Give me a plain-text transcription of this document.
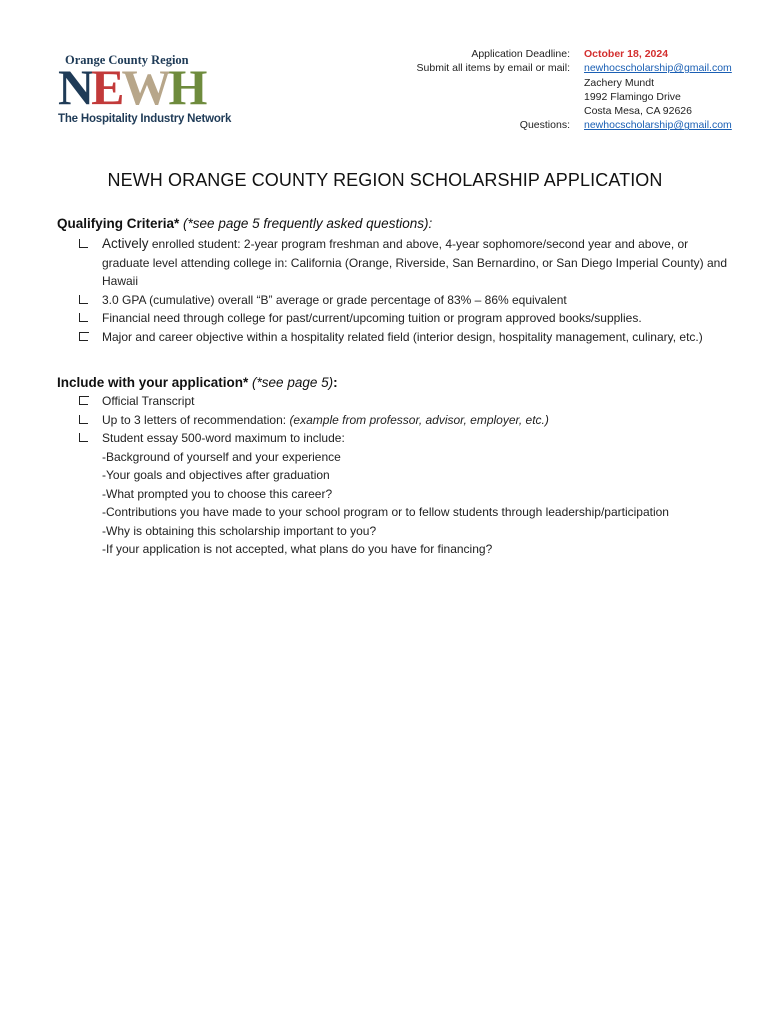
Orange County Region
N E W H
The Hospitality Industry Network
Application Deadline:
Submit all items by email or mail:

Questions:
October 18, 2024
newhocscholarship@gmail.com
Zachery Mundt
1992 Flamingo Drive
Costa Mesa, CA 92626
newhocscholarship@gmail.com
NEWH ORANGE COUNTY REGION SCHOLARSHIP APPLICATION
Qualifying Criteria* (*see page 5 frequently asked questions):
Actively enrolled student: 2-year program freshman and above, 4-year sophomore/second year and above, or graduate level attending college in: California (Orange, Riverside, San Bernardino, or San Diego Imperial County) and Hawaii
3.0 GPA (cumulative) overall “B” average or grade percentage of 83% – 86% equivalent
Financial need through college for past/current/upcoming tuition or program approved books/supplies.
Major and career objective within a hospitality related field (interior design, hospitality management, culinary, etc.)
Include with your application* (*see page 5):
Official Transcript
Up to 3 letters of recommendation: (example from professor, advisor, employer, etc.)
Student essay 500-word maximum to include:
-Background of yourself and your experience
-Your goals and objectives after graduation
-What prompted you to choose this career?
-Contributions you have made to your school program or to fellow students through leadership/participation
-Why is obtaining this scholarship important to you?
-If your application is not accepted, what plans do you have for financing?
